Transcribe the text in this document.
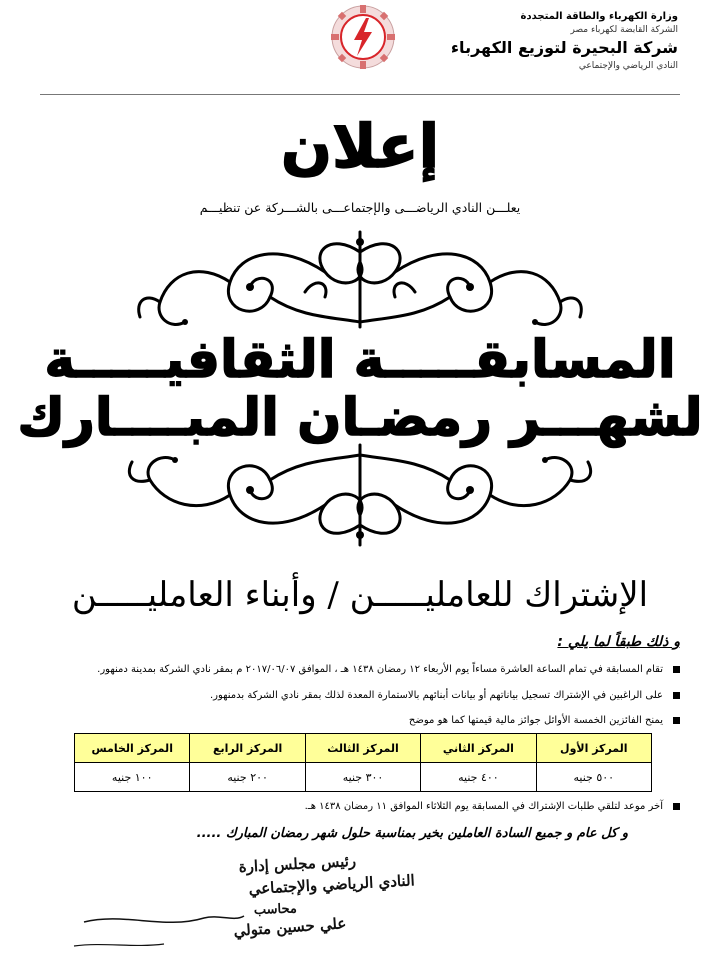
وزارة الكهرباء والطاقة المتجددة
الشركة القابضة لكهرباء مصر
شركة البحيرة لتوزيع الكهرباء
النادي الرياضي والإجتماعي
إعلان
يعلـــن النادي الرياضـــى والإجتماعـــى بالشـــركة عن تنظيـــم
المسابقـــــة الثقافيـــــة
لشهـــر رمضـان المبــــارك
الإشتراك للعامليـــــن / وأبناء العامليـــــن
و ذلك طبقاً لما يلي :
تقام المسابقة في تمام الساعة العاشرة مساءاً يوم الأربعاء ١٢ رمضان ١٤٣٨ هـ ، الموافق ٢٠١٧/٠٦/٠٧ م بمقر نادي الشركة بمدينة دمنهور.
على الراغبين في الإشتراك تسجيل بياناتهم أو بيانات أبنائهم بالاستمارة المعدة لذلك بمقر نادي الشركة بدمنهور.
يمنح الفائزين الخمسة الأوائل جوائز مالية قيمتها كما هو موضح
المركز الأول	المركز الثاني	المركز الثالث	المركز الرابع	المركز الخامس
٥٠٠ جنيه	٤٠٠ جنيه	٣٠٠ جنيه	٢٠٠ جنيه	١٠٠ جنيه
آخر موعد لتلقي طلبات الإشتراك في المسابقة يوم الثلاثاء الموافق ١١ رمضان ١٤٣٨ هـ.
و كل عام و جميع السادة العاملين بخير بمناسبة حلول شهر رمضان المبارك .....
رئيس مجلس إدارة
النادي الرياضي والإجتماعي
محاسب
علي حسين متولي
